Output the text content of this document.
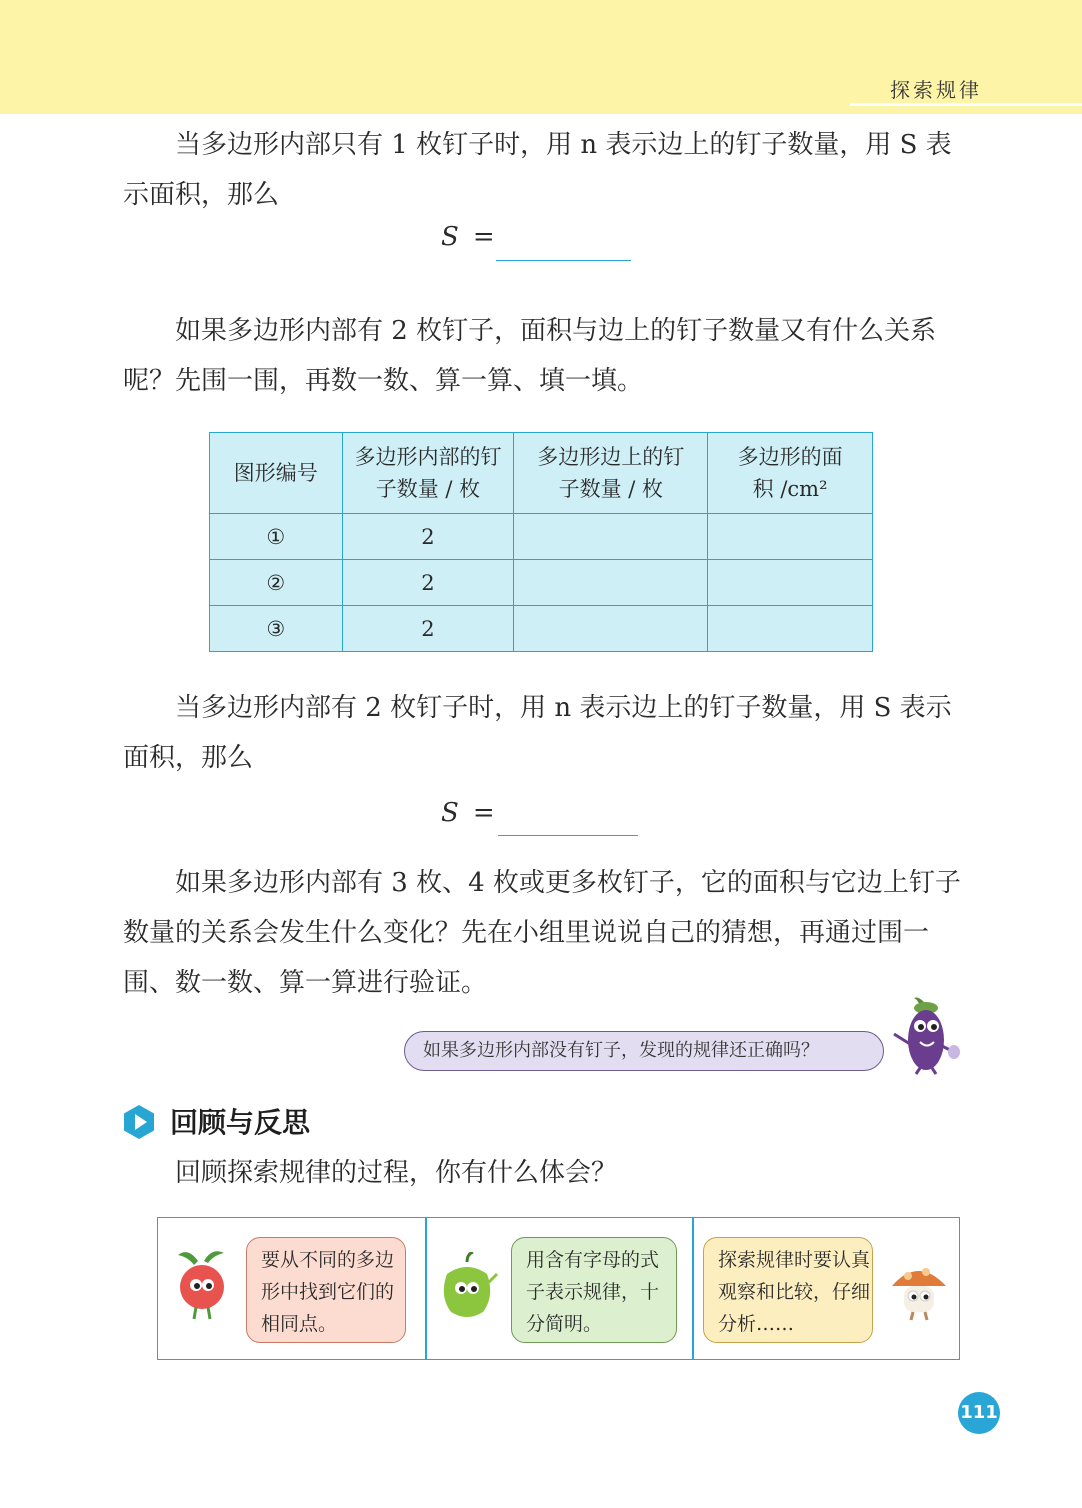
探索规律

当多边形内部只有 1 枚钉子时，用 n 表示边上的钉子数量，用 S 表示面积，那么

S =

如果多边形内部有 2 枚钉子，面积与边上的钉子数量又有什么关系呢？先围一围，再数一数、算一算、填一填。

图形编号	多边形内部的钉子数量 / 枚	多边形边上的钉子数量 / 枚	多边形的面积 /cm²
①	2		
②	2		
③	2		

当多边形内部有 2 枚钉子时，用 n 表示边上的钉子数量，用 S 表示面积，那么

S =

如果多边形内部有 3 枚、4 枚或更多枚钉子，它的面积与它边上钉子数量的关系会发生什么变化？先在小组里说说自己的猜想，再通过围一围、数一数、算一算进行验证。

如果多边形内部没有钉子，发现的规律还正确吗？
回顾与反思

回顾探索规律的过程，你有什么体会？

要从不同的多边形中找到它们的相同点。
用含有字母的式子表示规律，十分简明。
探索规律时要认真观察和比较，仔细分析……
111
